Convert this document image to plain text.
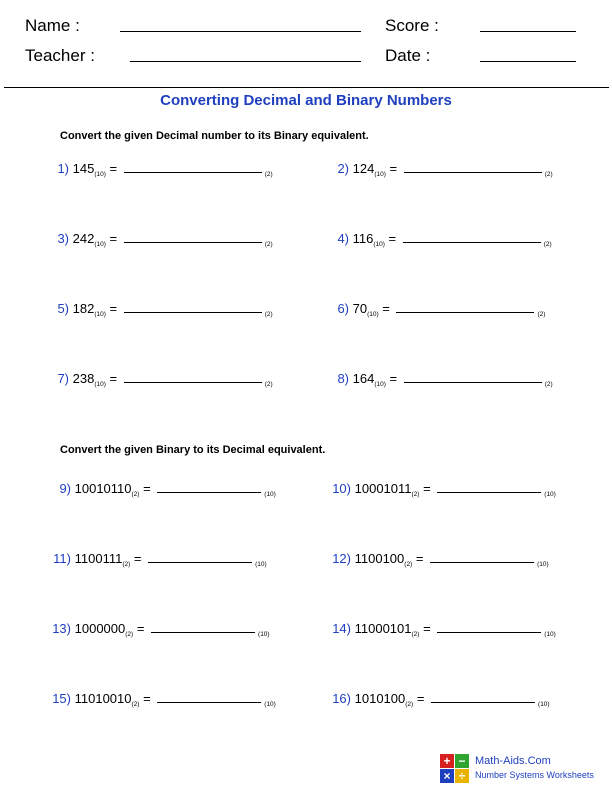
Name :
Teacher :
Score :
Date :
Converting Decimal and Binary Numbers
Convert the given Decimal number to its Binary equivalent.
1) $145_{(10)}$ =	$_{(2)}$	2) $124_{(10)}$ =	$_{(2)}$
3) $242_{(10)}$ =	$_{(2)}$	4) $116_{(10)}$ =	$_{(2)}$
5) $182_{(10)}$ =	$_{(2)}$	6) $70_{(10)}$ =	$_{(2)}$
7) $238_{(10)}$ =	$_{(2)}$	8) $164_{(10)}$ =	$_{(2)}$
Convert the given Binary to its Decimal equivalent.
9) $10010110_{(2)}$ =	$_{(10)}$	10) $10001011_{(2)}$ =	$_{(10)}$
11) $1100111_{(2)}$ =	$_{(10)}$	12) $1100100_{(2)}$ =	$_{(10)}$
13) $1000000_{(2)}$ =	$_{(10)}$	14) $11000101_{(2)}$ =	$_{(10)}$
15) $11010010_{(2)}$ =	$_{(10)}$	16) $1010100_{(2)}$ =	$_{(10)}$
+ −
× ÷
Math-Aids.Com
Number Systems Worksheets
